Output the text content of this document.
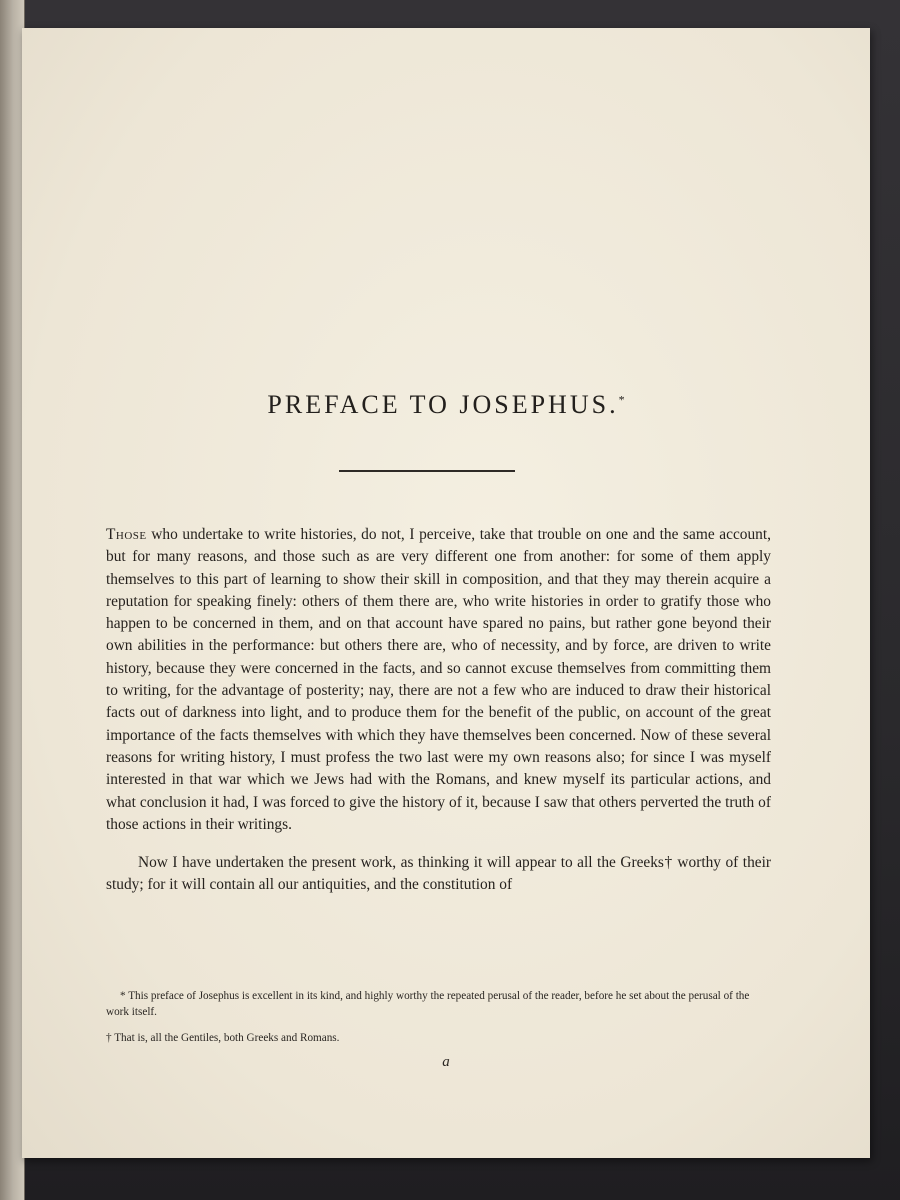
PREFACE TO JOSEPHUS.*

Those who undertake to write histories, do not, I perceive, take that trouble on one and the same account, but for many reasons, and those such as are very different one from another: for some of them apply themselves to this part of learning to show their skill in composition, and that they may therein acquire a reputation for speaking finely: others of them there are, who write histories in order to gratify those who happen to be concerned in them, and on that account have spared no pains, but rather gone beyond their own abilities in the performance: but others there are, who of necessity, and by force, are driven to write history, because they were concerned in the facts, and so cannot excuse themselves from committing them to writing, for the advantage of posterity; nay, there are not a few who are induced to draw their historical facts out of darkness into light, and to produce them for the benefit of the public, on account of the great importance of the facts themselves with which they have themselves been concerned. Now of these several reasons for writing history, I must profess the two last were my own reasons also; for since I was myself interested in that war which we Jews had with the Romans, and knew myself its particular actions, and what conclusion it had, I was forced to give the history of it, because I saw that others perverted the truth of those actions in their writings.

Now I have undertaken the present work, as thinking it will appear to all the Greeks† worthy of their study; for it will contain all our antiquities, and the constitution of

* This preface of Josephus is excellent in its kind, and highly worthy the repeated perusal of the reader, before he set about the perusal of the work itself.

† That is, all the Gentiles, both Greeks and Romans.

a
